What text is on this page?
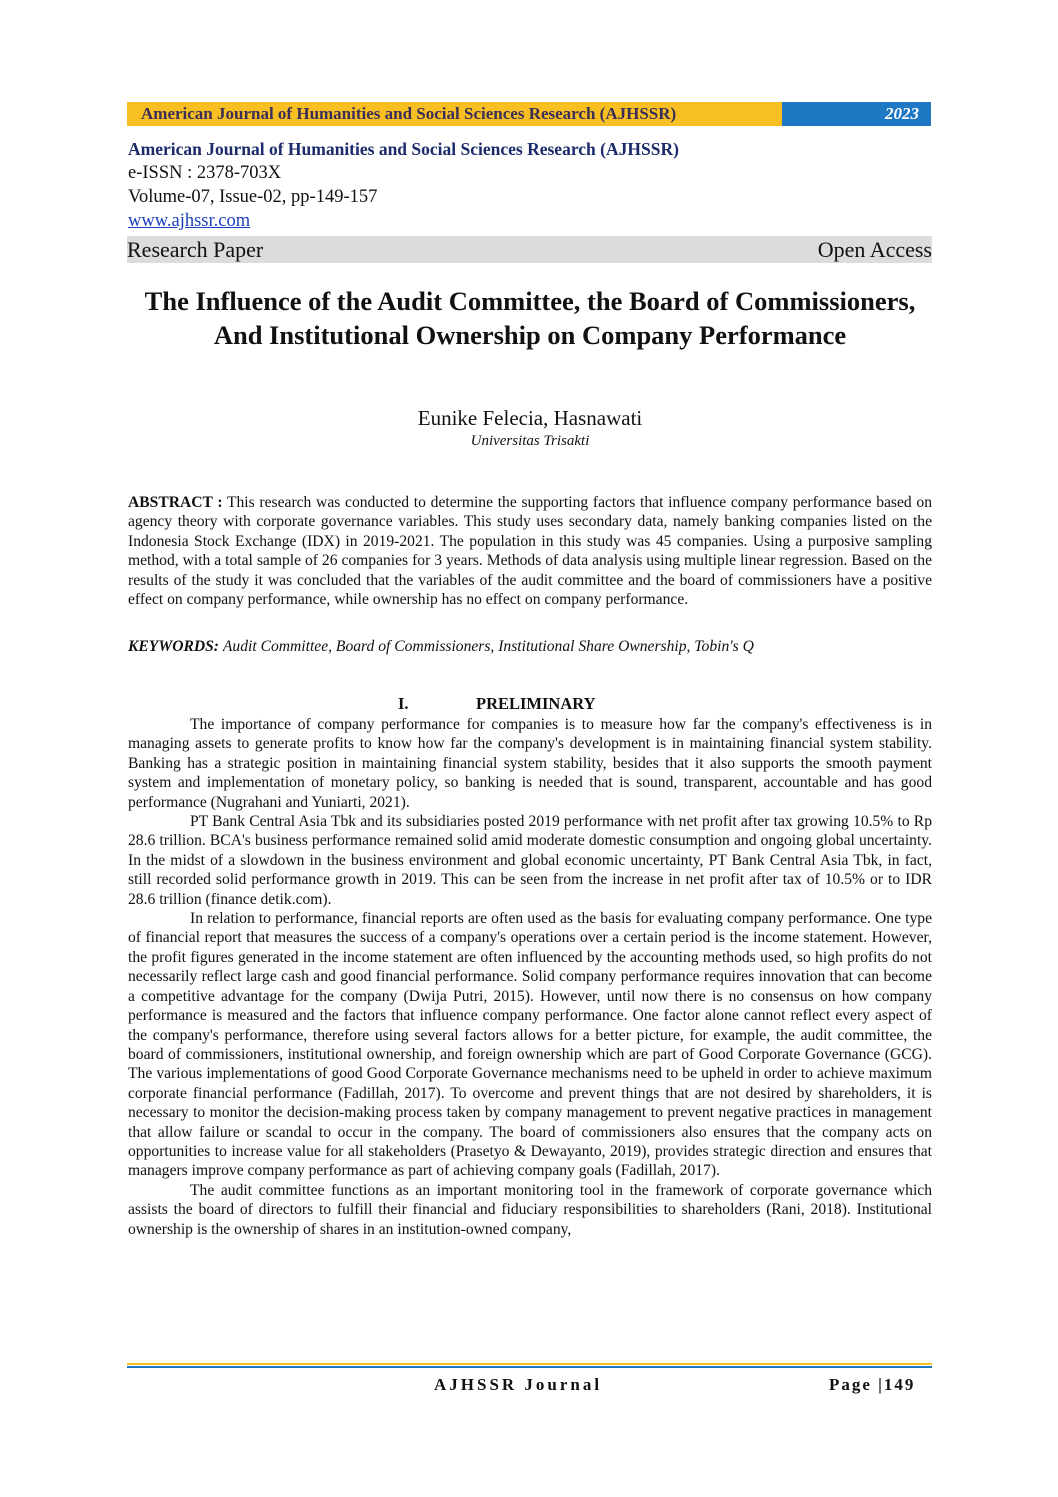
American Journal of Humanities and Social Sciences Research (AJHSSR)	2023
American Journal of Humanities and Social Sciences Research (AJHSSR)
e-ISSN : 2378-703X
Volume-07, Issue-02, pp-149-157
www.ajhssr.com
Research Paper	Open Access
The Influence of the Audit Committee, the Board of Commissioners, And Institutional Ownership on Company Performance
Eunike Felecia, Hasnawati
Universitas Trisakti
ABSTRACT : This research was conducted to determine the supporting factors that influence company performance based on agency theory with corporate governance variables. This study uses secondary data, namely banking companies listed on the Indonesia Stock Exchange (IDX) in 2019-2021. The population in this study was 45 companies. Using a purposive sampling method, with a total sample of 26 companies for 3 years. Methods of data analysis using multiple linear regression. Based on the results of the study it was concluded that the variables of the audit committee and the board of commissioners have a positive effect on company performance, while ownership has no effect on company performance.
KEYWORDS: Audit Committee, Board of Commissioners, Institutional Share Ownership, Tobin's Q
I.	PRELIMINARY

The importance of company performance for companies is to measure how far the company's effectiveness is in managing assets to generate profits to know how far the company's development is in maintaining financial system stability. Banking has a strategic position in maintaining financial system stability, besides that it also supports the smooth payment system and implementation of monetary policy, so banking is needed that is sound, transparent, accountable and has good performance (Nugrahani and Yuniarti, 2021).

PT Bank Central Asia Tbk and its subsidiaries posted 2019 performance with net profit after tax growing 10.5% to Rp 28.6 trillion. BCA's business performance remained solid amid moderate domestic consumption and ongoing global uncertainty. In the midst of a slowdown in the business environment and global economic uncertainty, PT Bank Central Asia Tbk, in fact, still recorded solid performance growth in 2019. This can be seen from the increase in net profit after tax of 10.5% or to IDR 28.6 trillion (finance detik.com).

In relation to performance, financial reports are often used as the basis for evaluating company performance. One type of financial report that measures the success of a company's operations over a certain period is the income statement. However, the profit figures generated in the income statement are often influenced by the accounting methods used, so high profits do not necessarily reflect large cash and good financial performance. Solid company performance requires innovation that can become a competitive advantage for the company (Dwija Putri, 2015). However, until now there is no consensus on how company performance is measured and the factors that influence company performance. One factor alone cannot reflect every aspect of the company's performance, therefore using several factors allows for a better picture, for example, the audit committee, the board of commissioners, institutional ownership, and foreign ownership which are part of Good Corporate Governance (GCG). The various implementations of good Good Corporate Governance mechanisms need to be upheld in order to achieve maximum corporate financial performance (Fadillah, 2017). To overcome and prevent things that are not desired by shareholders, it is necessary to monitor the decision-making process taken by company management to prevent negative practices in management that allow failure or scandal to occur in the company. The board of commissioners also ensures that the company acts on opportunities to increase value for all stakeholders (Prasetyo & Dewayanto, 2019), provides strategic direction and ensures that managers improve company performance as part of achieving company goals (Fadillah, 2017).

The audit committee functions as an important monitoring tool in the framework of corporate governance which assists the board of directors to fulfill their financial and fiduciary responsibilities to shareholders (Rani, 2018). Institutional ownership is the ownership of shares in an institution-owned company,

AJHSSR Journal	Page |149
